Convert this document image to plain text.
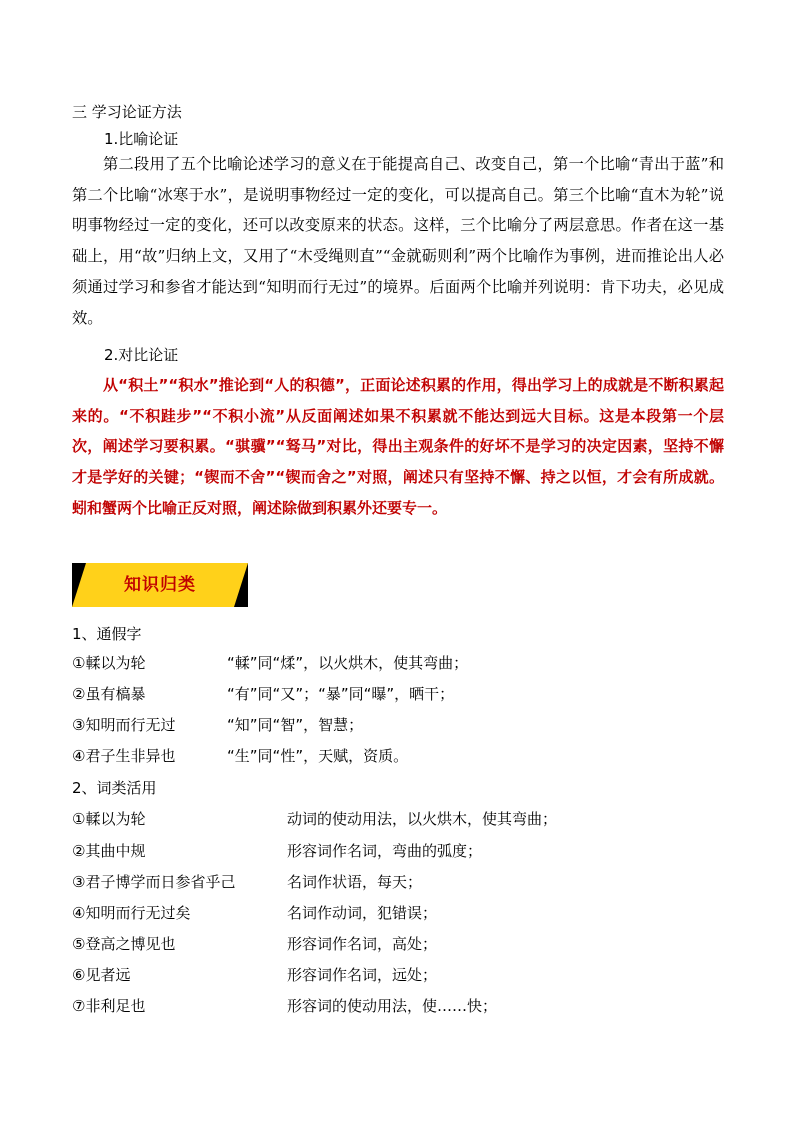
三 学习论证方法
1.比喻论证

第二段用了五个比喻论述学习的意义在于能提高自己、改变自己，第一个比喻“青出于蓝”和第二个比喻“冰寒于水”，是说明事物经过一定的变化，可以提高自己。第三个比喻“直木为轮”说明事物经过一定的变化，还可以改变原来的状态。这样，三个比喻分了两层意思。作者在这一基础上，用“故”归纳上文，又用了“木受绳则直”“金就砺则利”两个比喻作为事例，进而推论出人必须通过学习和参省才能达到“知明而行无过”的境界。后面两个比喻并列说明：肯下功夫，必见成效。

2.对比论证

从“积土”“积水”推论到“人的积德”，正面论述积累的作用，得出学习上的成就是不断积累起来的。“不积跬步”“不积小流”从反面阐述如果不积累就不能达到远大目标。这是本段第一个层次，阐述学习要积累。“骐骥”“驽马”对比，得出主观条件的好坏不是学习的决定因素，坚持不懈才是学好的关键；“锲而不舍”“锲而舍之”对照，阐述只有坚持不懈、持之以恒，才会有所成就。蚓和蟹两个比喻正反对照，阐述除做到积累外还要专一。

知识归类
1、通假字
①輮以为轮	“輮”同“煣”，以火烘木，使其弯曲；
②虽有槁暴	“有”同“又”；“暴”同“曝”，晒干；
③知明而行无过	“知”同“智”，智慧；
④君子生非异也	“生”同“性”，天赋，资质。
2、词类活用
①輮以为轮	动词的使动用法，以火烘木，使其弯曲；
②其曲中规	形容词作名词，弯曲的弧度；
③君子博学而日参省乎己	名词作状语，每天；
④知明而行无过矣	名词作动词，犯错误；
⑤登高之博见也	形容词作名词，高处；
⑥见者远	形容词作名词，远处；
⑦非利足也	形容词的使动用法，使……快；
